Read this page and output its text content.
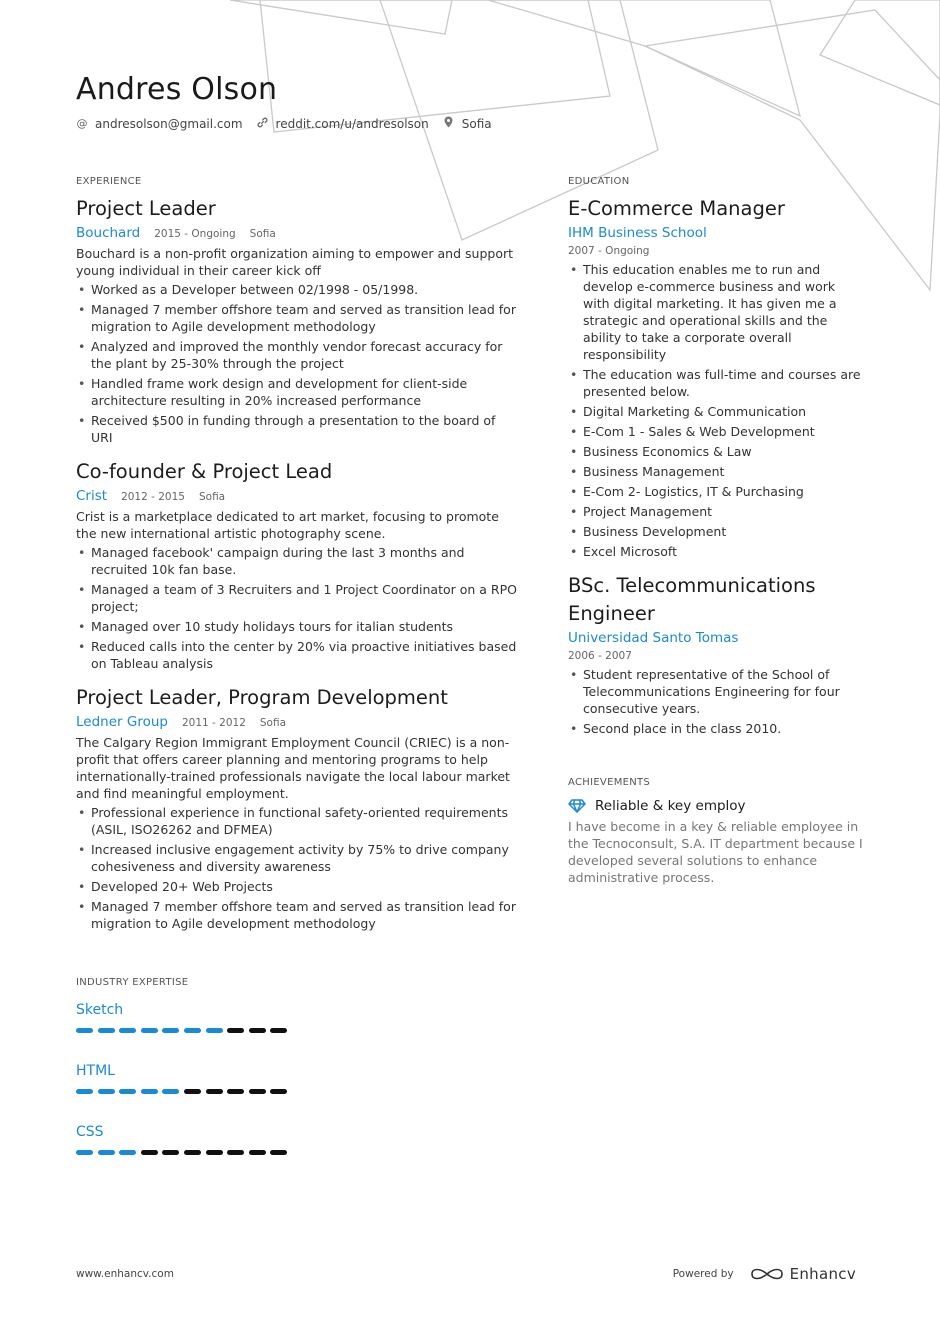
Andres Olson
@ andresolson@gmail.com	reddit.com/u/andresolson	Sofia
EXPERIENCE
Project Leader
Bouchard 2015 - Ongoing Sofia
Bouchard is a non-profit organization aiming to empower and support young individual in their career kick off
• Worked as a Developer between 02/1998 - 05/1998.
• Managed 7 member offshore team and served as transition lead for migration to Agile development methodology
• Analyzed and improved the monthly vendor forecast accuracy for the plant by 25-30% through the project
• Handled frame work design and development for client-side architecture resulting in 20% increased performance
• Received $500 in funding through a presentation to the board of URI
Co-founder & Project Lead
Crist 2012 - 2015 Sofia
Crist is a marketplace dedicated to art market, focusing to promote the new international artistic photography scene.
• Managed facebook' campaign during the last 3 months and recruited 10k fan base.
• Managed a team of 3 Recruiters and 1 Project Coordinator on a RPO project;
• Managed over 10 study holidays tours for italian students
• Reduced calls into the center by 20% via proactive initiatives based on Tableau analysis
Project Leader, Program Development
Ledner Group 2011 - 2012 Sofia
The Calgary Region Immigrant Employment Council (CRIEC) is a non-profit that offers career planning and mentoring programs to help internationally-trained professionals navigate the local labour market and find meaningful employment.
• Professional experience in functional safety-oriented requirements (ASIL, ISO26262 and DFMEA)
• Increased inclusive engagement activity by 75% to drive company cohesiveness and diversity awareness
• Developed 20+ Web Projects
• Managed 7 member offshore team and served as transition lead for migration to Agile development methodology
INDUSTRY EXPERTISE
Sketch
HTML
CSS
EDUCATION
E-Commerce Manager
IHM Business School
2007 - Ongoing
• This education enables me to run and develop e-commerce business and work with digital marketing. It has given me a strategic and operational skills and the ability to take a corporate overall responsibility
• The education was full-time and courses are presented below.
• Digital Marketing & Communication
• E-Com 1 - Sales & Web Development
• Business Economics & Law
• Business Management
• E-Com 2- Logistics, IT & Purchasing
• Project Management
• Business Development
• Excel Microsoft
BSc. Telecommunications Engineer
Universidad Santo Tomas
2006 - 2007
• Student representative of the School of Telecommunications Engineering for four consecutive years.
• Second place in the class 2010.
ACHIEVEMENTS
Reliable & key employ
I have become in a key & reliable employee in the Tecnoconsult, S.A. IT department because I developed several solutions to enhance administrative process.
www.enhancv.com	Powered by	Enhancv
